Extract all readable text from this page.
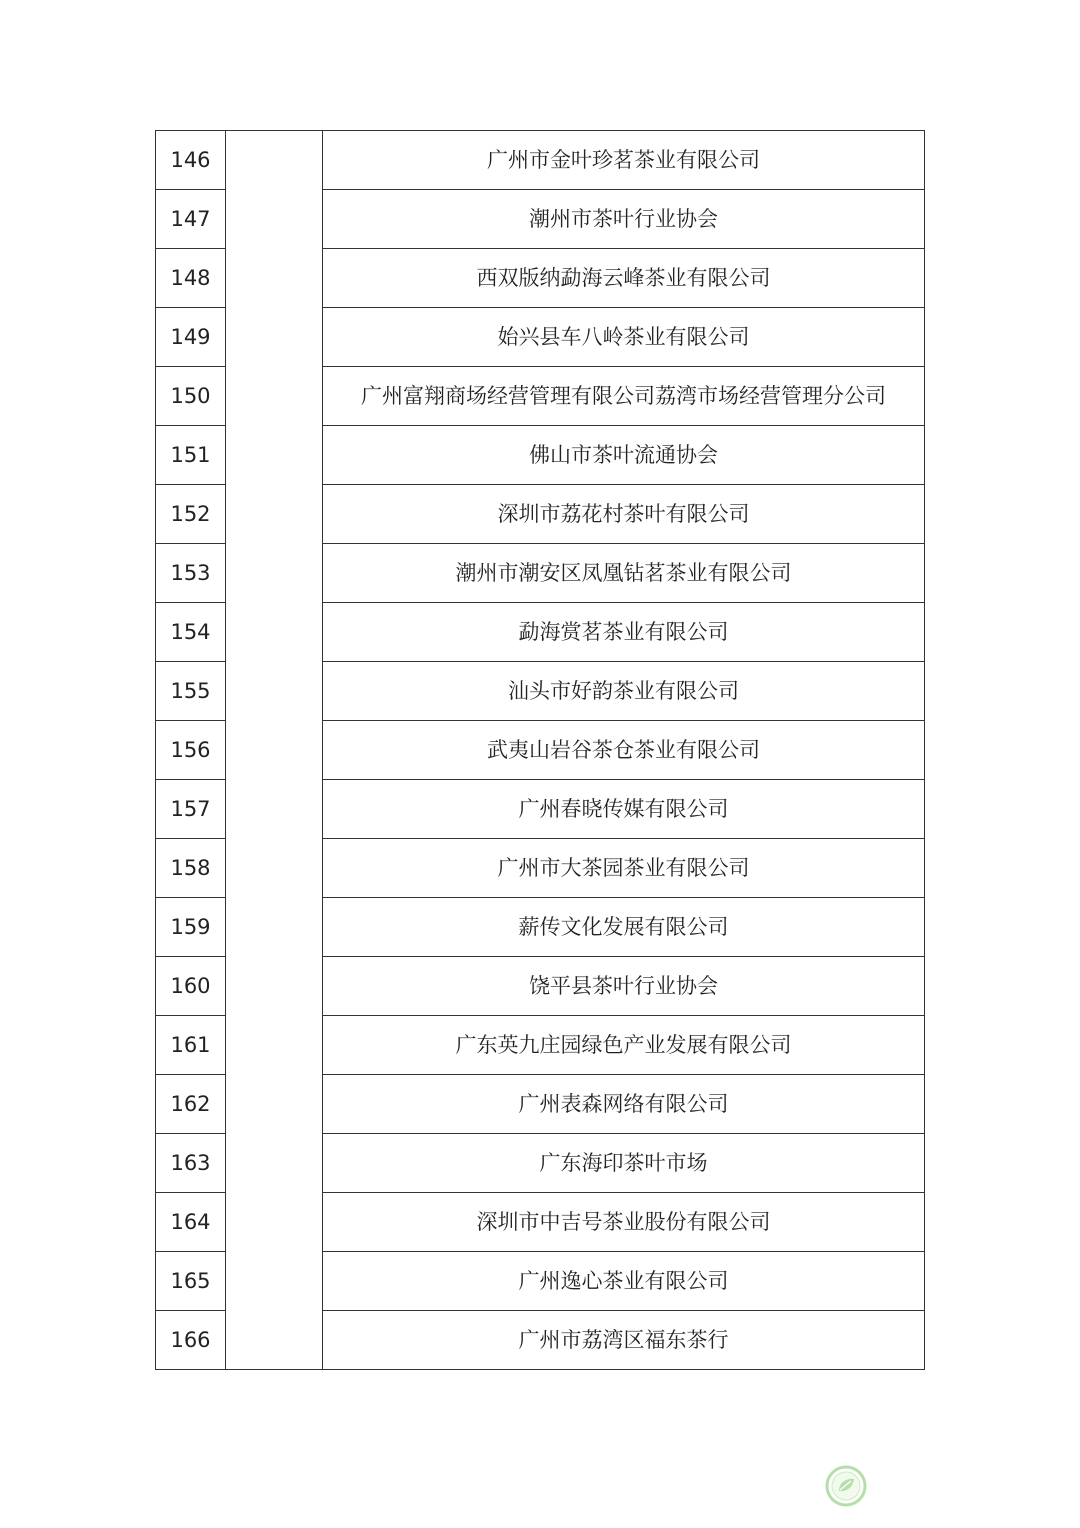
146		广州市金叶珍茗茶业有限公司
147		潮州市茶叶行业协会
148		西双版纳勐海云峰茶业有限公司
149		始兴县车八岭茶业有限公司
150		广州富翔商场经营管理有限公司荔湾市场经营管理分公司
151		佛山市茶叶流通协会
152		深圳市荔花村茶叶有限公司
153		潮州市潮安区凤凰钻茗茶业有限公司
154		勐海赏茗茶业有限公司
155		汕头市好韵茶业有限公司
156		武夷山岩谷茶仓茶业有限公司
157		广州春晓传媒有限公司
158		广州市大茶园茶业有限公司
159		薪传文化发展有限公司
160		饶平县茶叶行业协会
161		广东英九庄园绿色产业发展有限公司
162		广州表森网络有限公司
163		广东海印茶叶市场
164		深圳市中吉号茶业股份有限公司
165		广州逸心茶业有限公司
166		广州市荔湾区福东茶行
